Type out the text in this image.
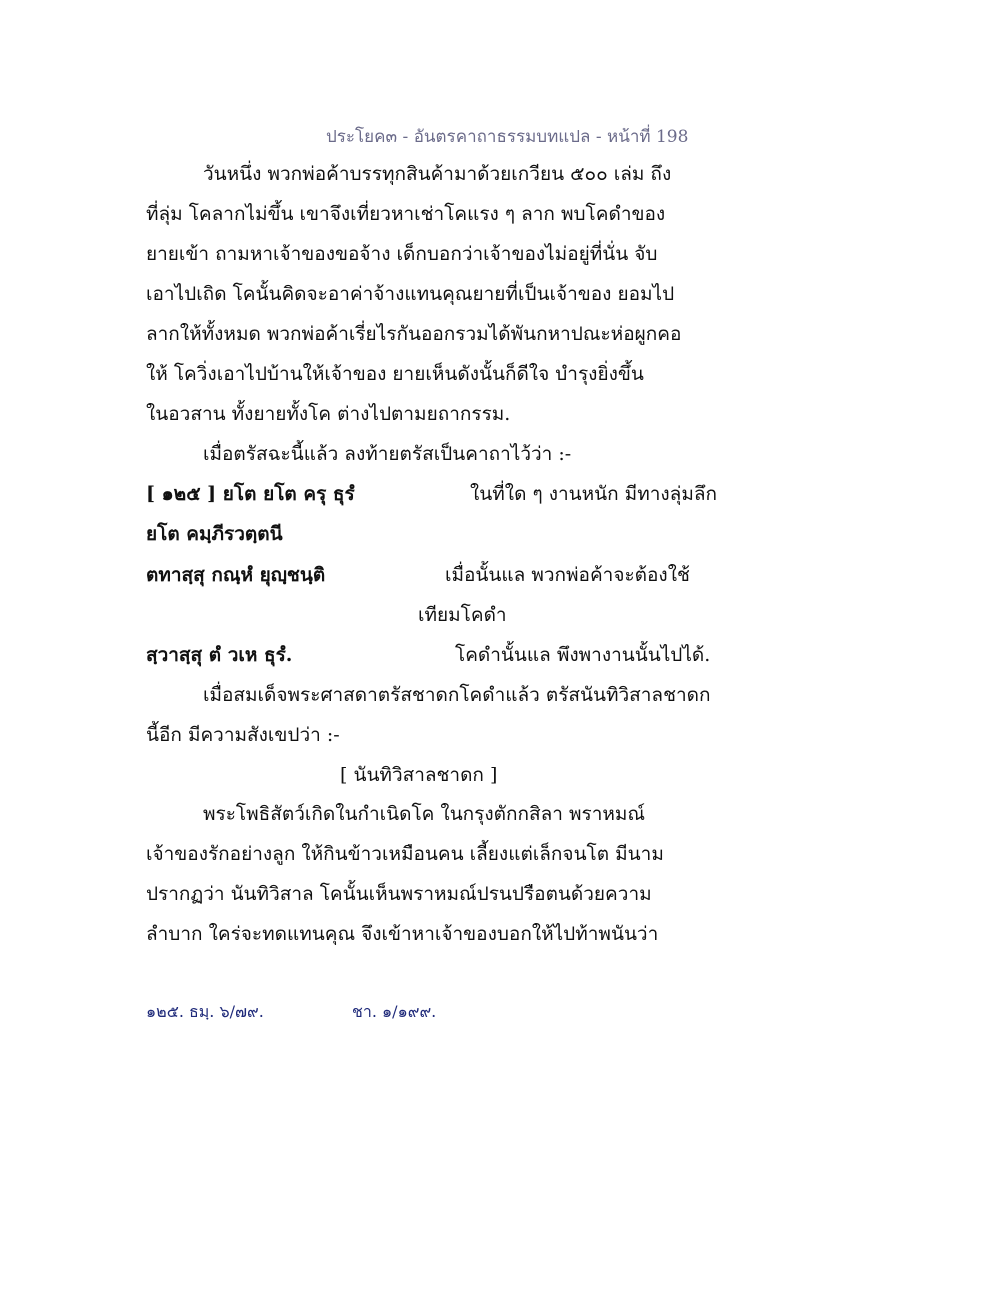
ประโยค๓ - อันตรคาถาธรรมบทแปล - หน้าที่ 198
วันหนึ่ง พวกพ่อค้าบรรทุกสินค้ามาด้วยเกวียน ๕๐๐ เล่ม ถึง
ที่ลุ่ม โคลากไม่ขึ้น เขาจึงเที่ยวหาเช่าโคแรง ๆ ลาก พบโคดำของ
ยายเข้า ถามหาเจ้าของขอจ้าง เด็กบอกว่าเจ้าของไม่อยู่ที่นั่น จับ
เอาไปเถิด โคนั้นคิดจะอาค่าจ้างแทนคุณยายที่เป็นเจ้าของ ยอมไป
ลากให้ทั้งหมด พวกพ่อค้าเรี่ยไรกันออกรวมได้พันกหาปณะห่อผูกคอ
ให้ โควิ่งเอาไปบ้านให้เจ้าของ ยายเห็นดังนั้นก็ดีใจ บำรุงยิ่งขึ้น
ในอวสาน ทั้งยายทั้งโค ต่างไปตามยถากรรม.
เมื่อตรัสฉะนี้แล้ว ลงท้ายตรัสเป็นคาถาไว้ว่า :-
[ ๑๒๕ ] ยโต ยโต ครุ ธุรํ	ในที่ใด ๆ งานหนัก มีทางลุ่มลึก
ยโต คมฺภีรวตฺตนี
ตทาสฺสุ กณฺหํ ยุญฺชนฺติ	เมื่อนั้นแล พวกพ่อค้าจะต้องใช้
เทียมโคดำ
สฺวาสฺสุ ตํ วเห ธุรํ.	โคดำนั้นแล พึงพางานนั้นไปได้.
เมื่อสมเด็จพระศาสดาตรัสชาดกโคดำแล้ว ตรัสนันทิวิสาลชาดก
นี้อีก มีความสังเขปว่า :-
[ นันทิวิสาลชาดก ]
พระโพธิสัตว์เกิดในกำเนิดโค ในกรุงตักกสิลา พราหมณ์
เจ้าของรักอย่างลูก ให้กินข้าวเหมือนคน เลี้ยงแต่เล็กจนโต มีนาม
ปรากฏว่า นันทิวิสาล โคนั้นเห็นพราหมณ์ปรนปรือตนด้วยความ
ลำบาก ใคร่จะทดแทนคุณ จึงเข้าหาเจ้าของบอกให้ไปท้าพนันว่า
๑๒๕. ธมฺ. ๖/๗๙.	ชา. ๑/๑๙๙.
